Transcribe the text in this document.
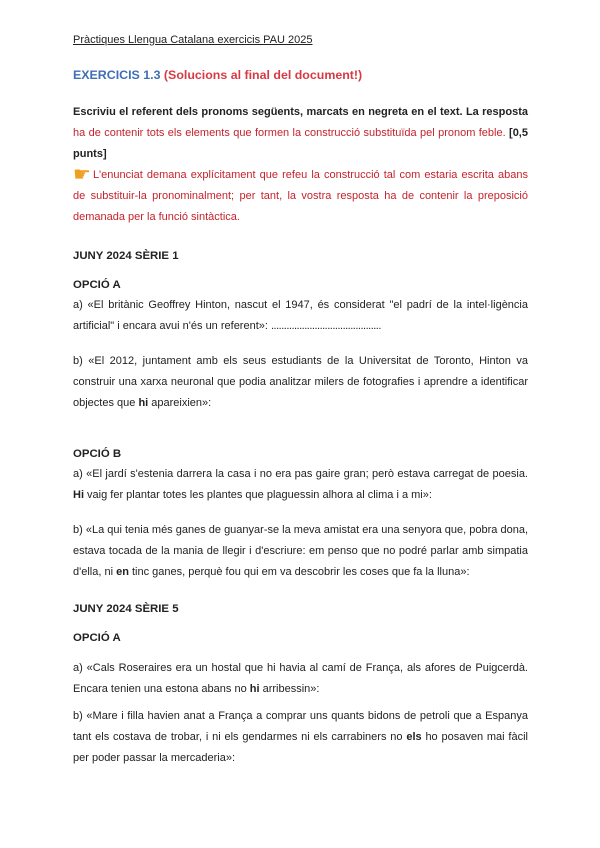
Pràctiques Llengua Catalana exercicis PAU 2025
EXERCICIS 1.3 (Solucions al final del document!)

Escriviu el referent dels pronoms següents, marcats en negreta en el text. La resposta ha de contenir tots els elements que formen la construcció substituïda pel pronom feble. [0,5 punts]

☛ L'enunciat demana explícitament que refeu la construcció tal com estaria escrita abans de substituir-la pronominalment; per tant, la vostra resposta ha de contenir la preposició demanada per la funció sintàctica.

JUNY 2024 SÈRIE 1
OPCIÓ A

a) «El britànic Geoffrey Hinton, nascut el 1947, és considerat "el padrí de la intel·ligència artificial" i encara avui n'és un referent»: ...........................................

b) «El 2012, juntament amb els seus estudiants de la Universitat de Toronto, Hinton va construir una xarxa neuronal que podia analitzar milers de fotografies i aprendre a identificar objectes que hi apareixien»:

OPCIÓ B

a) «El jardí s'estenia darrera la casa i no era pas gaire gran; però estava carregat de poesia. Hi vaig fer plantar totes les plantes que plaguessin alhora al clima i a mi»:

b) «La qui tenia més ganes de guanyar-se la meva amistat era una senyora que, pobra dona, estava tocada de la mania de llegir i d'escriure: em penso que no podré parlar amb simpatia d'ella, ni en tinc ganes, perquè fou qui em va descobrir les coses que fa la lluna»:

JUNY 2024 SÈRIE 5
OPCIÓ A

a) «Cals Roseraires era un hostal que hi havia al camí de França, als afores de Puigcerdà. Encara tenien una estona abans no hi arribessin»:

b) «Mare i filla havien anat a França a comprar uns quants bidons de petroli que a Espanya tant els costava de trobar, i ni els gendarmes ni els carrabiners no els ho posaven mai fàcil per poder passar la mercaderia»:
